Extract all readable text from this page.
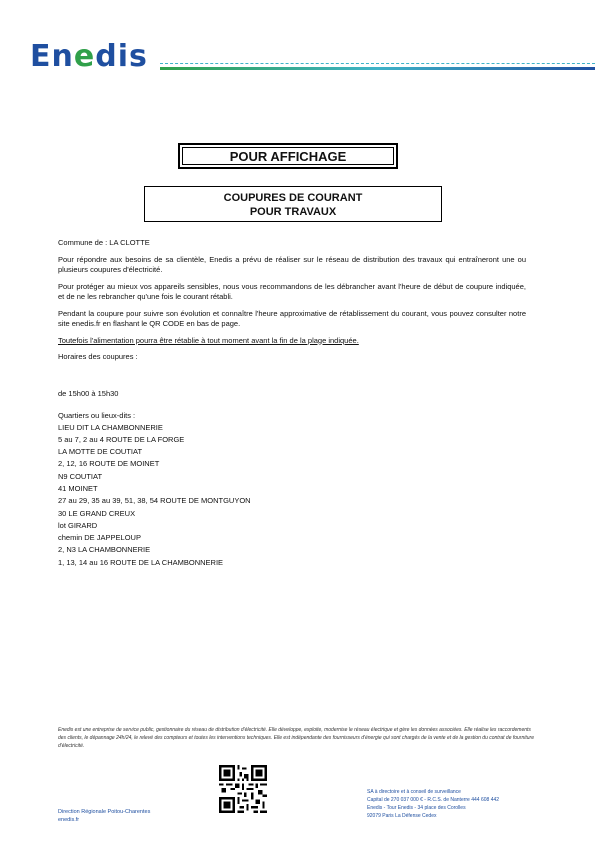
Enedis
POUR AFFICHAGE
COUPURES DE COURANT
POUR TRAVAUX

Commune de : LA CLOTTE

Pour répondre aux besoins de sa clientèle, Enedis a prévu de réaliser sur le réseau de distribution des travaux qui entraîneront une ou plusieurs coupures d'électricité.

Pour protéger au mieux vos appareils sensibles, nous vous recommandons de les débrancher avant l'heure de début de coupure indiquée, et de ne les rebrancher qu'une fois le courant rétabli.

Pendant la coupure pour suivre son évolution et connaître l'heure approximative de rétablissement du courant, vous pouvez consulter notre site enedis.fr en flashant le QR CODE en bas de page.

Toutefois l'alimentation pourra être rétablie à tout moment avant la fin de la plage indiquée.

Horaires des coupures :

de 15h00 à 15h30

Quartiers ou lieux-dits :

LIEU DIT LA CHAMBONNERIE
5 au 7, 2 au 4 ROUTE DE LA FORGE
LA MOTTE DE COUTIAT
2, 12, 16 ROUTE DE MOINET
N9 COUTIAT
41 MOINET
27 au 29, 35 au 39, 51, 38, 54 ROUTE DE MONTGUYON
30 LE GRAND CREUX
lot GIRARD
chemin DE JAPPELOUP
2, N3 LA CHAMBONNERIE
1, 13, 14 au 16 ROUTE DE LA CHAMBONNERIE
Enedis est une entreprise de service public, gestionnaire du réseau de distribution d'électricité. Elle développe, exploite, modernise le réseau électrique et gère les données associées. Elle réalise les raccordements des clients, le dépannage 24h/24, le relevé des compteurs et toutes les interventions techniques. Elle est indépendante des fournisseurs d'énergie qui sont chargés de la vente et de la gestion du contrat de fourniture d'électricité.
Direction Régionale Poitou-Charentes
enedis.fr
SA à directoire et à conseil de surveillance
Capital de 270 037 000 € - R.C.S. de Nanterre 444 608 442
Enedis - Tour Enedis - 34 place des Corolles
92079 Paris La Défense Cedex
